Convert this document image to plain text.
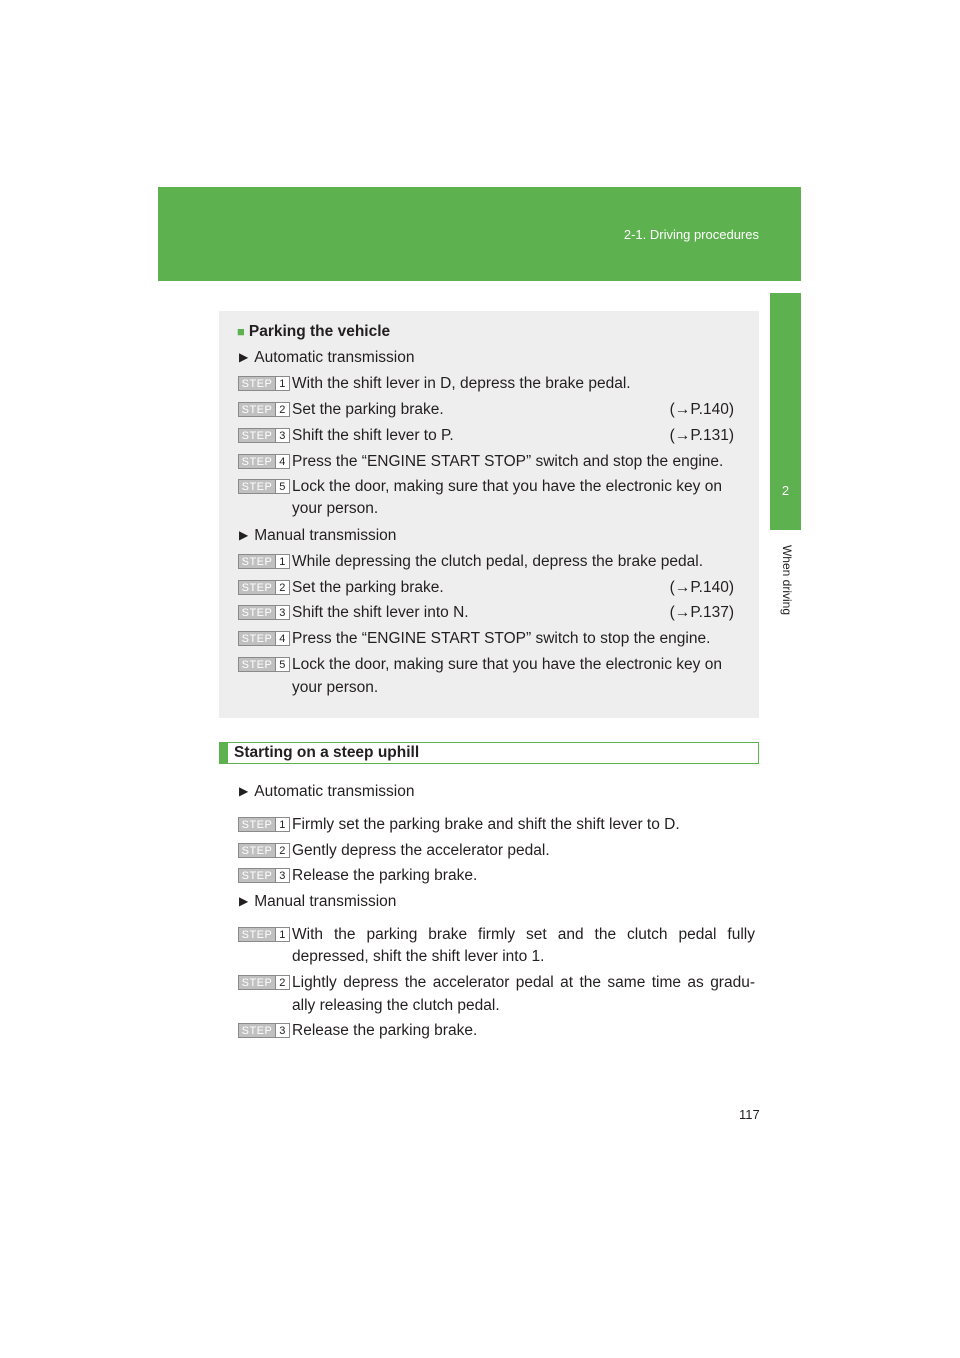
2-1. Driving procedures
2
When driving
■ Parking the vehicle
▶ Automatic transmission
STEP 1 With the shift lever in D, depress the brake pedal.
STEP 2 Set the parking brake.	(→P.140)
STEP 3 Shift the shift lever to P.	(→P.131)
STEP 4 Press the “ENGINE START STOP” switch and stop the engine.
STEP 5 Lock the door, making sure that you have the electronic key on
your person.
▶ Manual transmission
STEP 1 While depressing the clutch pedal, depress the brake pedal.
STEP 2 Set the parking brake.	(→P.140)
STEP 3 Shift the shift lever into N.	(→P.137)
STEP 4 Press the “ENGINE START STOP” switch to stop the engine.
STEP 5 Lock the door, making sure that you have the electronic key on
your person.
Starting on a steep uphill
▶ Automatic transmission
STEP 1 Firmly set the parking brake and shift the shift lever to D.
STEP 2 Gently depress the accelerator pedal.
STEP 3 Release the parking brake.
▶ Manual transmission
STEP 1 With the parking brake firmly set and the clutch pedal fully
depressed, shift the shift lever into 1.
STEP 2 Lightly depress the accelerator pedal at the same time as gradu-
ally releasing the clutch pedal.
STEP 3 Release the parking brake.
117
